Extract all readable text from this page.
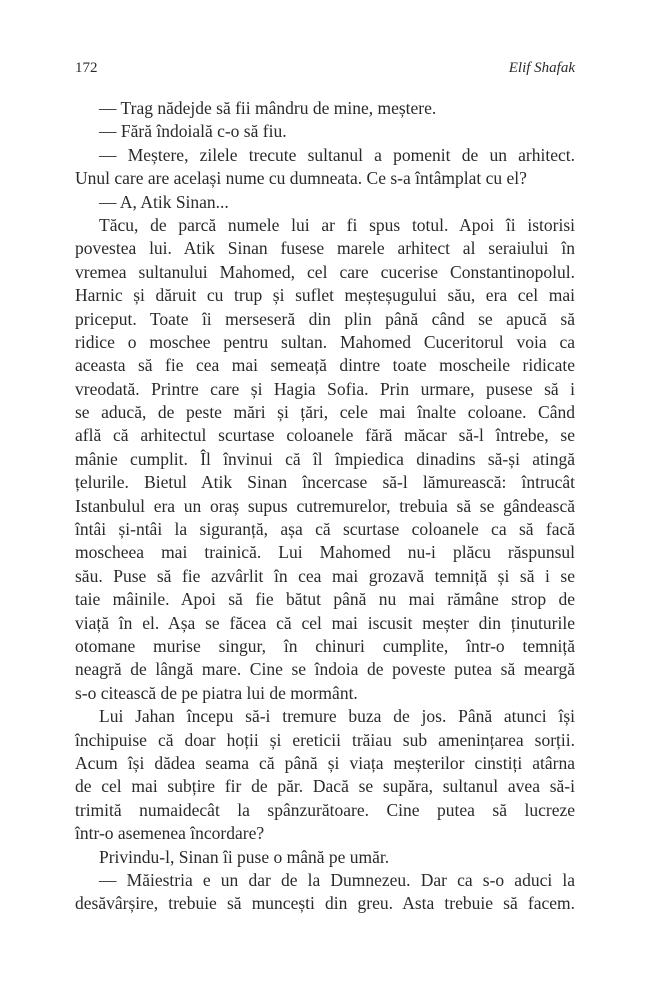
172	Elif Shafak
— Trag nădejde să fii mândru de mine, meștere.
— Fără îndoială c-o să fiu.
— Meștere, zilele trecute sultanul a pomenit de un arhitect.
Unul care are același nume cu dumneata. Ce s-a întâmplat cu el?
— A, Atik Sinan...
Tăcu, de parcă numele lui ar fi spus totul. Apoi îi istorisi
povestea lui. Atik Sinan fusese marele arhitect al seraiului în
vremea sultanului Mahomed, cel care cucerise Constantinopolul.
Harnic și dăruit cu trup și suflet meșteșugului său, era cel mai
priceput. Toate îi merseseră din plin până când se apucă să
ridice o moschee pentru sultan. Mahomed Cuceritorul voia ca
aceasta să fie cea mai semeață dintre toate moscheile ridicate
vreodată. Printre care și Hagia Sofia. Prin urmare, pusese să i
se aducă, de peste mări și țări, cele mai înalte coloane. Când
află că arhitectul scurtase coloanele fără măcar să-l întrebe, se
mânie cumplit. Îl învinui că îl împiedica dinadins să-și atingă
țelurile. Bietul Atik Sinan încercase să-l lămurească: întrucât
Istanbulul era un oraș supus cutremurelor, trebuia să se gândească
întâi și-ntâi la siguranță, așa că scurtase coloanele ca să facă
moscheea mai trainică. Lui Mahomed nu-i plăcu răspunsul
său. Puse să fie azvârlit în cea mai grozavă temniță și să i se
taie mâinile. Apoi să fie bătut până nu mai rămâne strop de
viață în el. Așa se făcea că cel mai iscusit meșter din ținuturile
otomane murise singur, în chinuri cumplite, într-o temniță
neagră de lângă mare. Cine se îndoia de poveste putea să meargă
s-o citească de pe piatra lui de mormânt.
Lui Jahan începu să-i tremure buza de jos. Până atunci își
închipuise că doar hoții și ereticii trăiau sub amenințarea sorții.
Acum își dădea seama că până și viața meșterilor cinstiți atârna
de cel mai subțire fir de păr. Dacă se supăra, sultanul avea să-i
trimită numaidecât la spânzurătoare. Cine putea să lucreze
într-o asemenea încordare?
Privindu-l, Sinan îi puse o mână pe umăr.
— Măiestria e un dar de la Dumnezeu. Dar ca s-o aduci la
desăvârșire, trebuie să muncești din greu. Asta trebuie să facem.
